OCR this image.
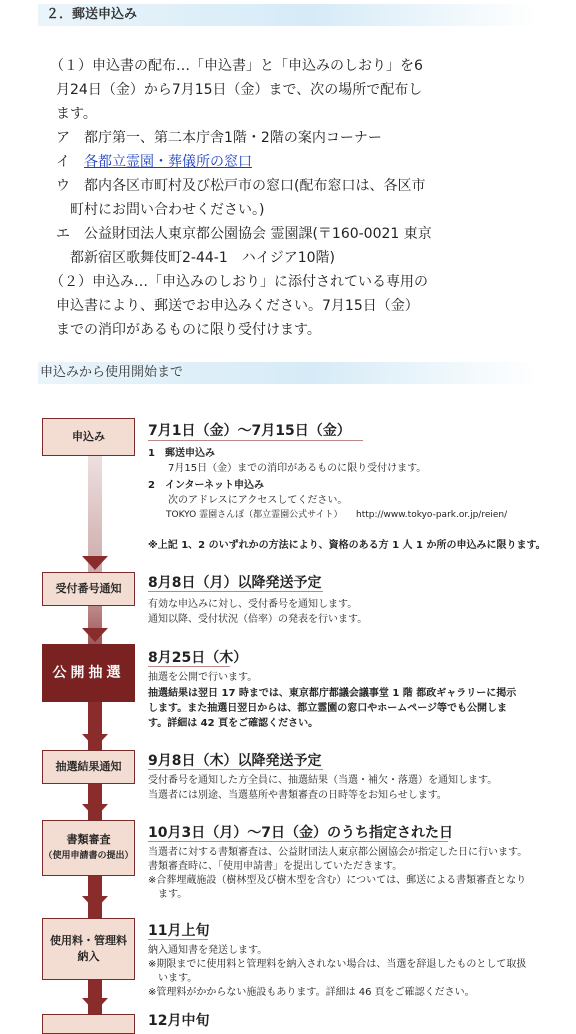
２．郵送申込み
（１）申込書の配布…「申込書」と「申込みのしおり」を6
月24日（金）から7月15日（金）まで、次の場所で配布し
ます。
ア　都庁第一、第二本庁舎1階・2階の案内コーナー
イ　 各都立霊園・葬儀所の窓口
ウ　都内各区市町村及び松戸市の窓口(配布窓口は、各区市
　町村にお問い合わせください。)
エ　公益財団法人東京都公園協会 霊園課(〒160-0021 東京
　都新宿区歌舞伎町2-44-1　ハイジア10階)
（２）申込み…「申込みのしおり」に添付されている専用の
申込書により、郵送でお申込みください。7月15日（金）
までの消印があるものに限り受付けます。
申込みから使用開始まで
申込み	7月1日（金）～7月15日（金）
1　郵送申込み
　　7月15日（金）までの消印があるものに限り受付けます。
2　インターネット申込み
　　次のアドレスにアクセスしてください。
　　TOKYO 霊園さんぽ（都立霊園公式サイト）　　http://www.tokyo-park.or.jp/reien/
※上記 1、2 のいずれかの方法により、資格のある方 1 人 1 か所の申込みに限ります。
受付番号通知 8月8日（月）以降発送予定
有効な申込みに対し、受付番号を通知します。
通知以降、受付状況（倍率）の発表を行います。
公開抽選
8月25日（木）
抽選を公開で行います。
抽選結果は翌日 17 時までは、東京都庁都議会議事堂 1 階 都政ギャラリーに掲示
します。また抽選日翌日からは、都立霊園の窓口やホームページ等でも公開しま
す。詳細は 42 頁をご確認ください。
抽選結果通知 9月8日（木）以降発送予定
受付番号を通知した方全員に、抽選結果（当選・補欠・落選）を通知します。
当選者には別途、当選墓所や書類審査の日時等をお知らせします。
書類審査
（使用申請書の提出）
10月3日（月）～7日（金）のうち指定された日
当選者に対する書類審査は、公益財団法人東京都公園協会が指定した日に行います。
書類審査時に、「使用申請書」を提出していただきます。
※合葬埋蔵施設（樹林型及び樹木型を含む）については、郵送による書類審査となり
　ます。
使用料・管理料
納入
11月上旬
納入通知書を発送します。
※期限までに使用料と管理料を納入されない場合は、当選を辞退したものとして取扱
　います。
※管理料がかからない施設もあります。詳細は 46 頁をご確認ください。
12月中旬
